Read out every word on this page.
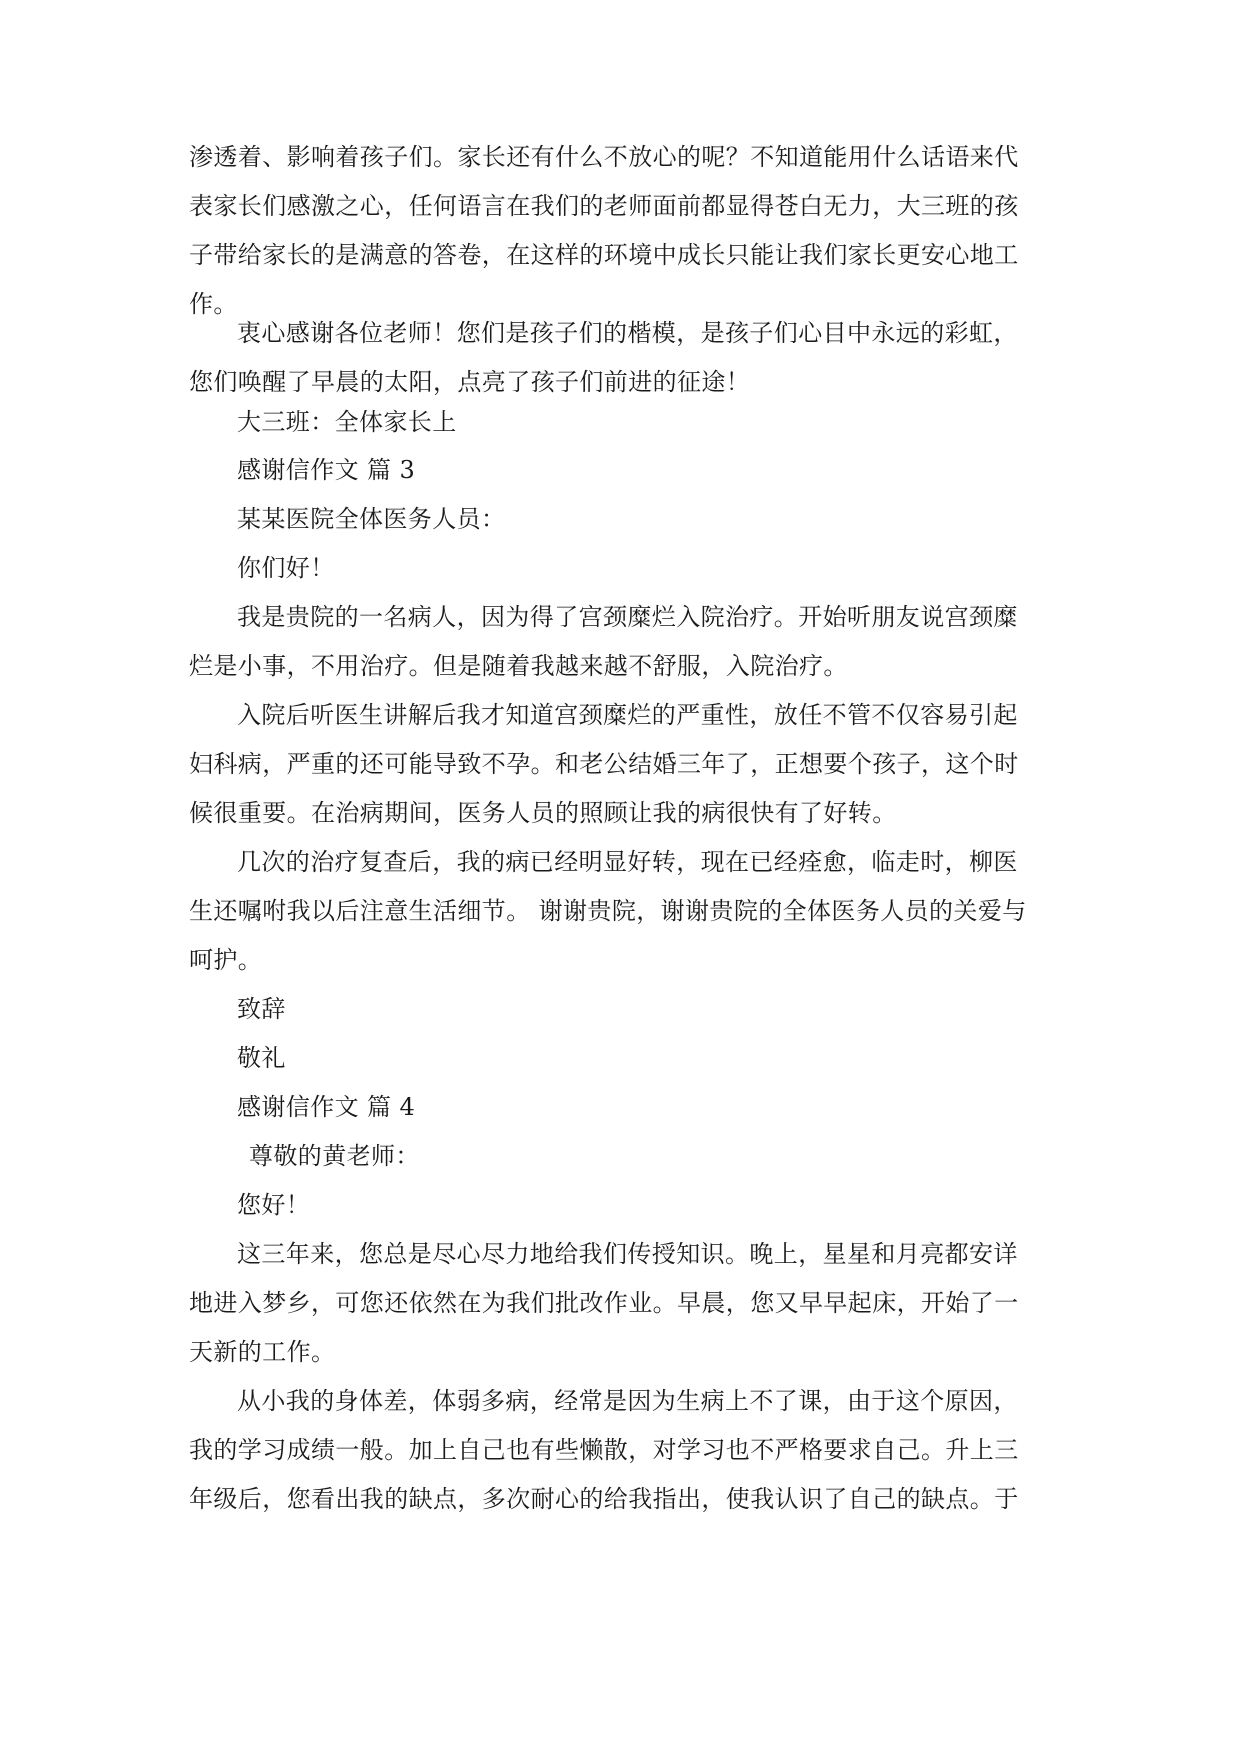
渗透着、影响着孩子们。家长还有什么不放心的呢？不知道能用什么话语来代
表家长们感激之心，任何语言在我们的老师面前都显得苍白无力，大三班的孩
子带给家长的是满意的答卷，在这样的环境中成长只能让我们家长更安心地工
作。
衷心感谢各位老师！您们是孩子们的楷模，是孩子们心目中永远的彩虹，
您们唤醒了早晨的太阳，点亮了孩子们前进的征途！
大三班：全体家长上
感谢信作文 篇 3
某某医院全体医务人员：
你们好！
我是贵院的一名病人，因为得了宫颈糜烂入院治疗。开始听朋友说宫颈糜
烂是小事，不用治疗。但是随着我越来越不舒服，入院治疗。
入院后听医生讲解后我才知道宫颈糜烂的严重性，放任不管不仅容易引起
妇科病，严重的还可能导致不孕。和老公结婚三年了，正想要个孩子，这个时
候很重要。在治病期间，医务人员的照顾让我的病很快有了好转。
几次的治疗复查后，我的病已经明显好转，现在已经痊愈，临走时，柳医
生还嘱咐我以后注意生活细节。 谢谢贵院，谢谢贵院的全体医务人员的关爱与
呵护。
致辞
敬礼
感谢信作文 篇 4
尊敬的黄老师：
您好！
这三年来，您总是尽心尽力地给我们传授知识。晚上，星星和月亮都安详
地进入梦乡，可您还依然在为我们批改作业。早晨，您又早早起床，开始了一
天新的工作。
从小我的身体差，体弱多病，经常是因为生病上不了课，由于这个原因，
我的学习成绩一般。加上自己也有些懒散，对学习也不严格要求自己。升上三
年级后，您看出我的缺点，多次耐心的给我指出，使我认识了自己的缺点。于
